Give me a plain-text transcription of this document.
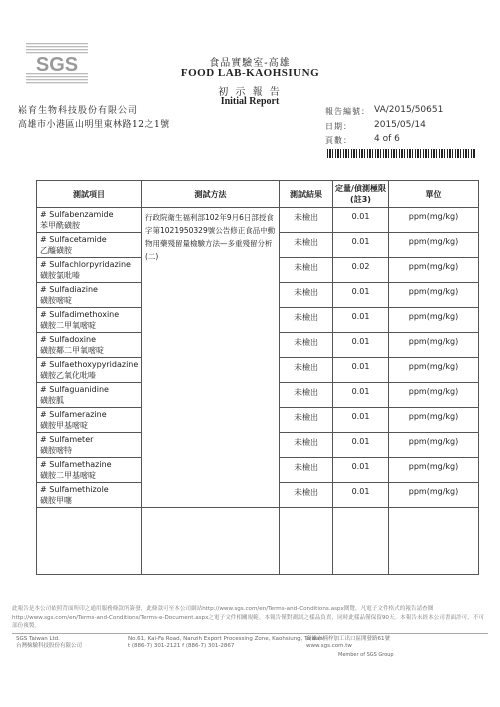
SGS	食品實驗室-高雄
FOOD LAB-KAOHSIUNG
初 示 報 告
Initial Report
崧育生物科技股份有限公司
高雄市小港區山明里東林路12之1號
報告編號： VA/2015/50651
日期： 2015/05/14
頁數： 4 of 6
測試項目	測試方法	測試結果	定量/偵測極限(註3)	單位

# Sulfabenzamide
苯甲酰磺胺	行政院衛生福利部102年9月6日部授食字第1021950329號公告修正食品中動物用藥殘留量檢驗方法—多重殘留分析(二)	未檢出	0.01	ppm(mg/kg)

# Sulfacetamide
乙醯磺胺		未檢出	0.01	ppm(mg/kg)

# Sulfachlorpyridazine
磺胺氯吡嗪		未檢出	0.02	ppm(mg/kg)

# Sulfadiazine
磺胺嘧啶		未檢出	0.01	ppm(mg/kg)

# Sulfadimethoxine
磺胺二甲氧嘧啶		未檢出	0.01	ppm(mg/kg)

# Sulfadoxine
磺胺鄰二甲氧嘧啶		未檢出	0.01	ppm(mg/kg)

# Sulfaethoxypyridazine
磺胺乙氧化吡嗪		未檢出	0.01	ppm(mg/kg)

# Sulfaguanidine
磺胺胍		未檢出	0.01	ppm(mg/kg)

# Sulfamerazine
磺胺甲基嘧啶		未檢出	0.01	ppm(mg/kg)

# Sulfameter
磺胺嘧特		未檢出	0.01	ppm(mg/kg)

# Sulfamethazine
磺胺二甲基嘧啶		未檢出	0.01	ppm(mg/kg)

# Sulfamethizole
磺胺甲噻		未檢出	0.01	ppm(mg/kg)

此報告是本公司依照背面所印之通用服務條款所簽發，此條款可至本公司網站http://www.sgs.com/en/Terms-and-Conditions.aspx閱覽，凡電子文件格式的報告請查閱http://www.sgs.com/en/Terms-and-Conditions/Terms-e-Document.aspx之電子文件相關規範。本報告僅對測試之樣品負責，同時此樣品僅保留90天。本報告未經本公司書面許可，不可部份複製。
SGS Taiwan Ltd.
台灣檢驗科技股份有限公司
No.61, Kai-Fa Road, Nanzih Export Processing Zone, Kaohsiung, Taiwan
t (886-7) 301-2121 f (886-7) 301-2867
高雄市楠梓加工出口區開發路61號
www.sgs.com.tw
Member of SGS Group
